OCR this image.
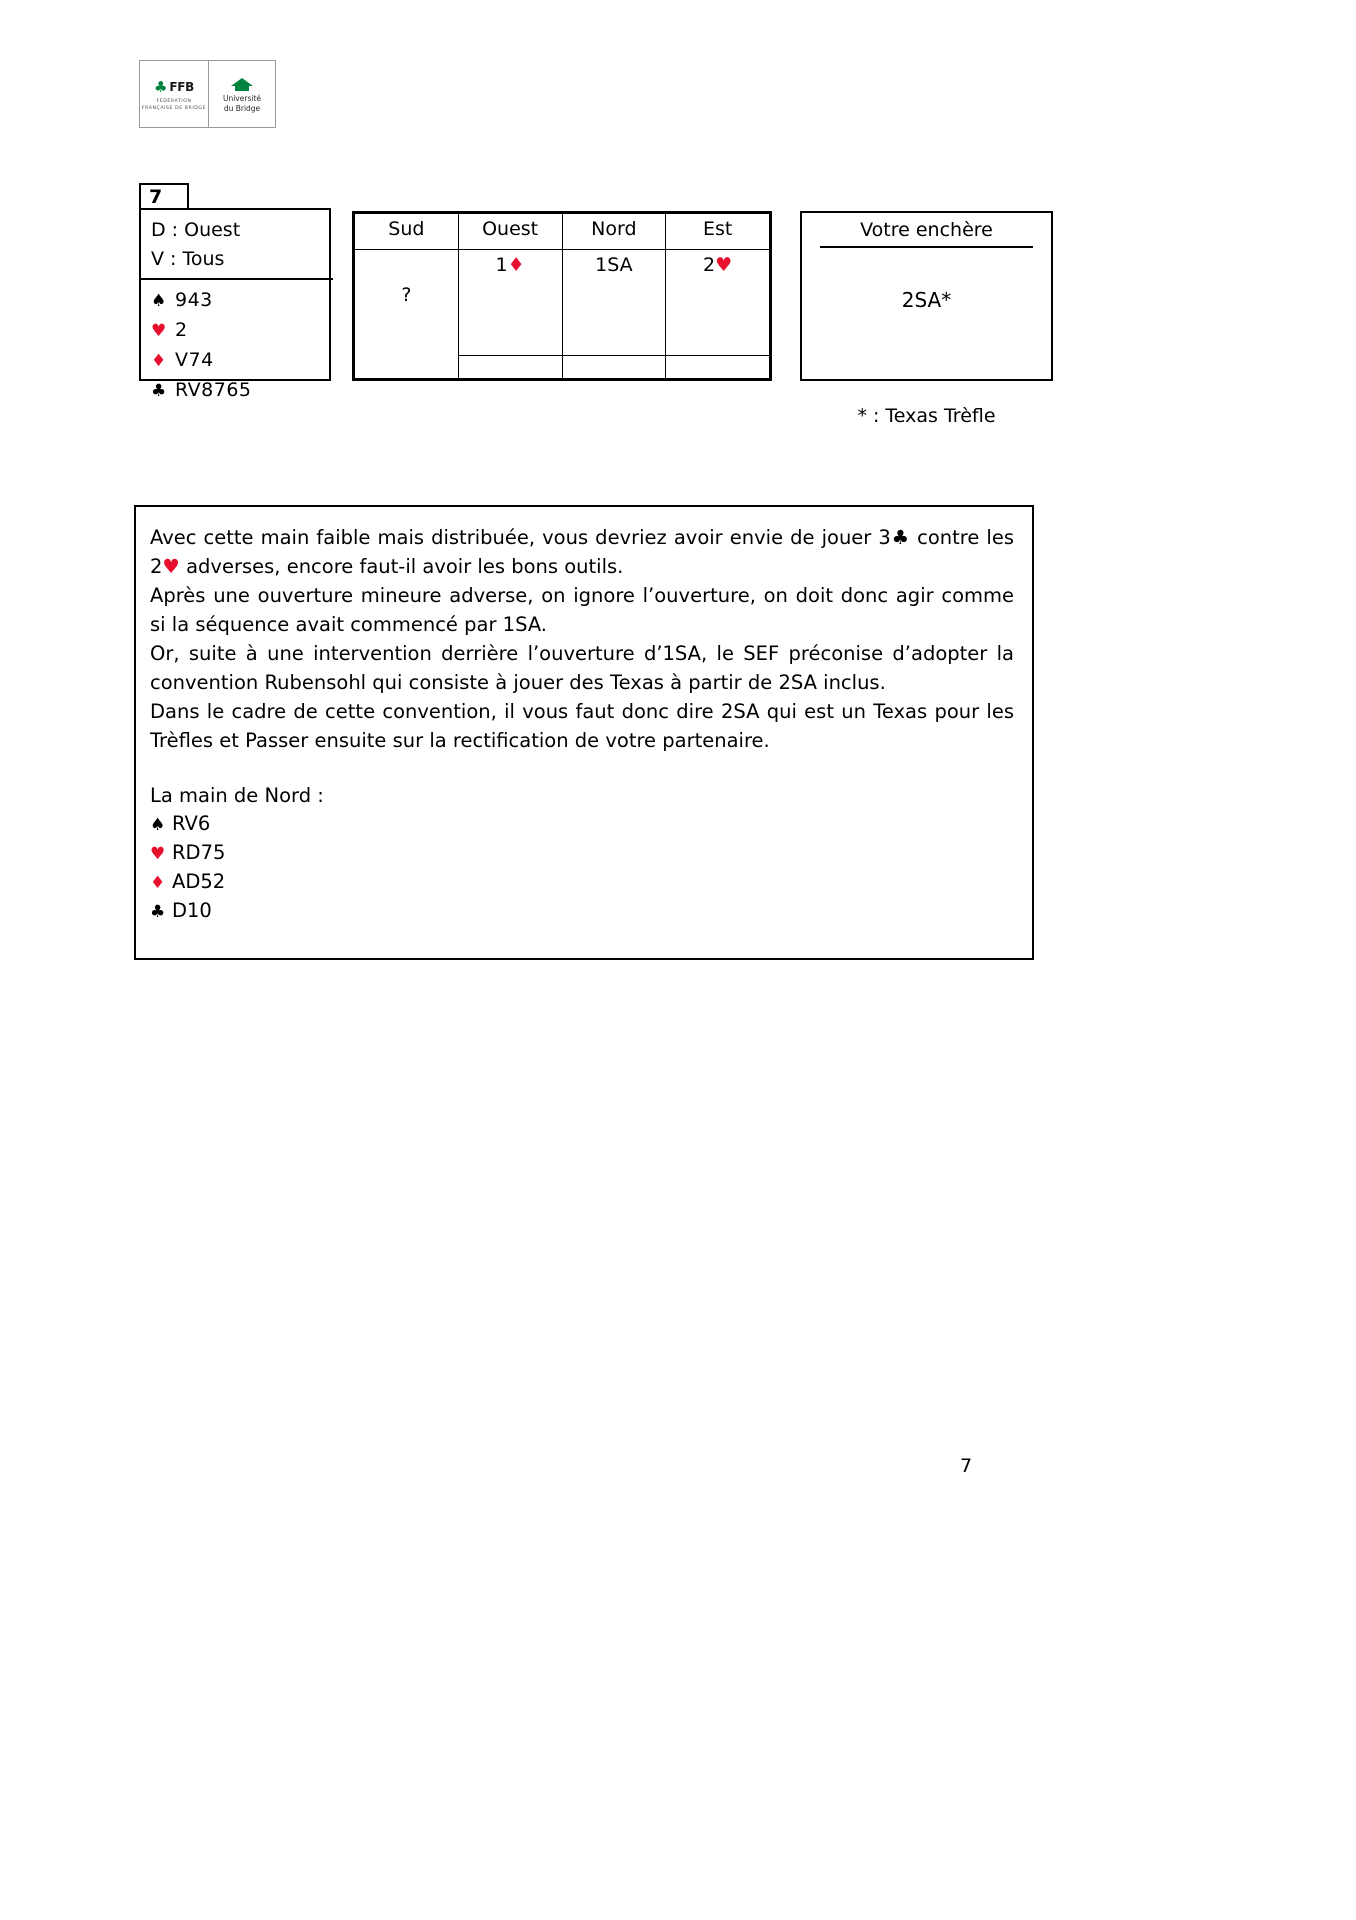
♣ FFB
FÉDÉRATION FRANÇAISE DE BRIDGE
Université
du Bridge
7
D : Ouest
V : Tous
♠ 943
♥ 2
♦ V74
♣ RV8765
Sud	Ouest	Nord	Est

?	1♦	1SA	2♥

Votre enchère
2SA*
* : Texas Trèfle

Avec cette main faible mais distribuée, vous devriez avoir envie de jouer 3♣ contre les 2♥ adverses, encore faut-il avoir les bons outils.

Après une ouverture mineure adverse, on ignore l’ouverture, on doit donc agir comme si la séquence avait commencé par 1SA.

Or, suite à une intervention derrière l’ouverture d’1SA, le SEF préconise d’adopter la convention Rubensohl qui consiste à jouer des Texas à partir de 2SA inclus.

Dans le cadre de cette convention, il vous faut donc dire 2SA qui est un Texas pour les Trèfles et Passer ensuite sur la rectification de votre partenaire.

La main de Nord :

♠ RV6
♥ RD75
♦ AD52
♣ D10
7
